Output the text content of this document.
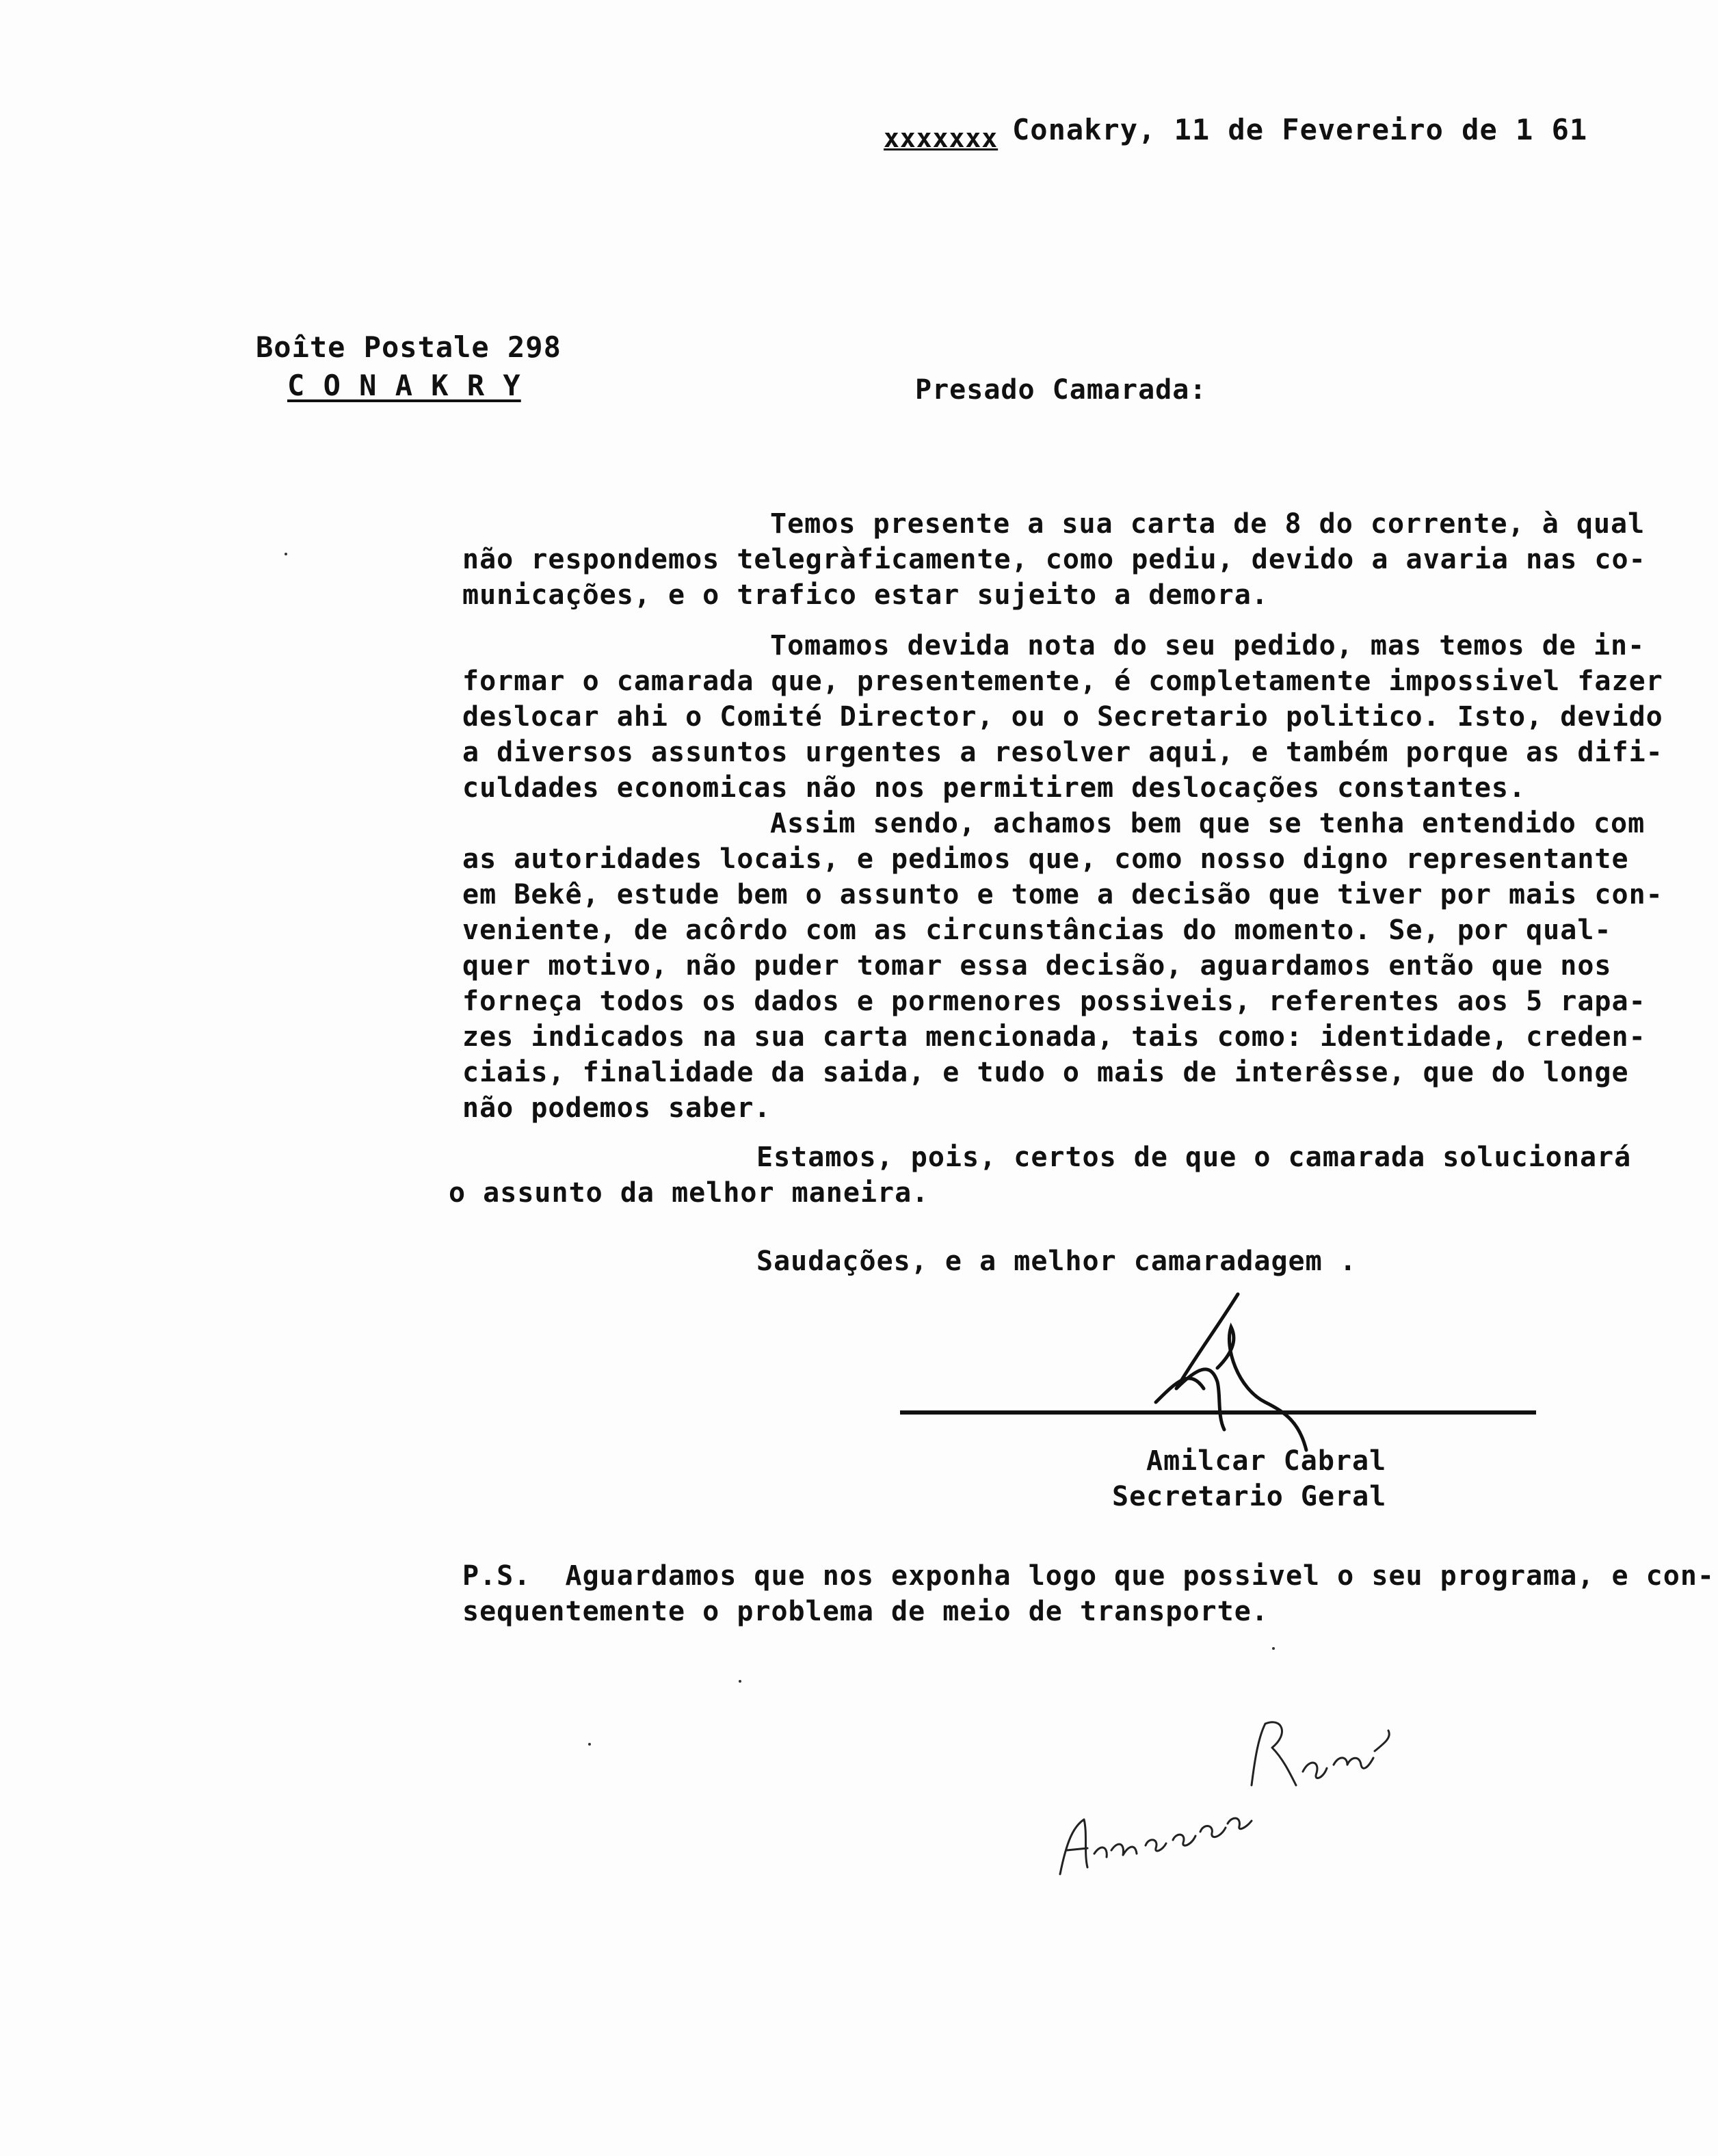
xxxxxxx Conakry, 11 de Fevereiro de 1 61

Boîte Postale 298

C O N A K R Y	Presado Camarada:

Temos presente a sua carta de 8 do corrente, à qual

não respondemos telegràficamente, como pediu, devido a avaria nas co-

municações, e o trafico estar sujeito a demora.

Tomamos devida nota do seu pedido, mas temos de in-

formar o camarada que, presentemente, é completamente impossivel fazer

deslocar ahi o Comité Director, ou o Secretario politico. Isto, devido

a diversos assuntos urgentes a resolver aqui, e também porque as difi-

culdades economicas não nos permitirem deslocações constantes.

Assim sendo, achamos bem que se tenha entendido com

as autoridades locais, e pedimos que, como nosso digno representante

em Bekê, estude bem o assunto e tome a decisão que tiver por mais con-

veniente, de acôrdo com as circunstâncias do momento. Se, por qual-

quer motivo, não puder tomar essa decisão, aguardamos então que nos

forneça todos os dados e pormenores possiveis, referentes aos 5 rapa-

zes indicados na sua carta mencionada, tais como: identidade, creden-

ciais, finalidade da saida, e tudo o mais de interêsse, que do longe

não podemos saber.

Estamos, pois, certos de que o camarada solucionará

o assunto da melhor maneira.

Saudações, e a melhor camaradagem .

Amilcar Cabral

Secretario Geral

P.S.  Aguardamos que nos exponha logo que possivel o seu programa, e con-

sequentemente o problema de meio de transporte.
